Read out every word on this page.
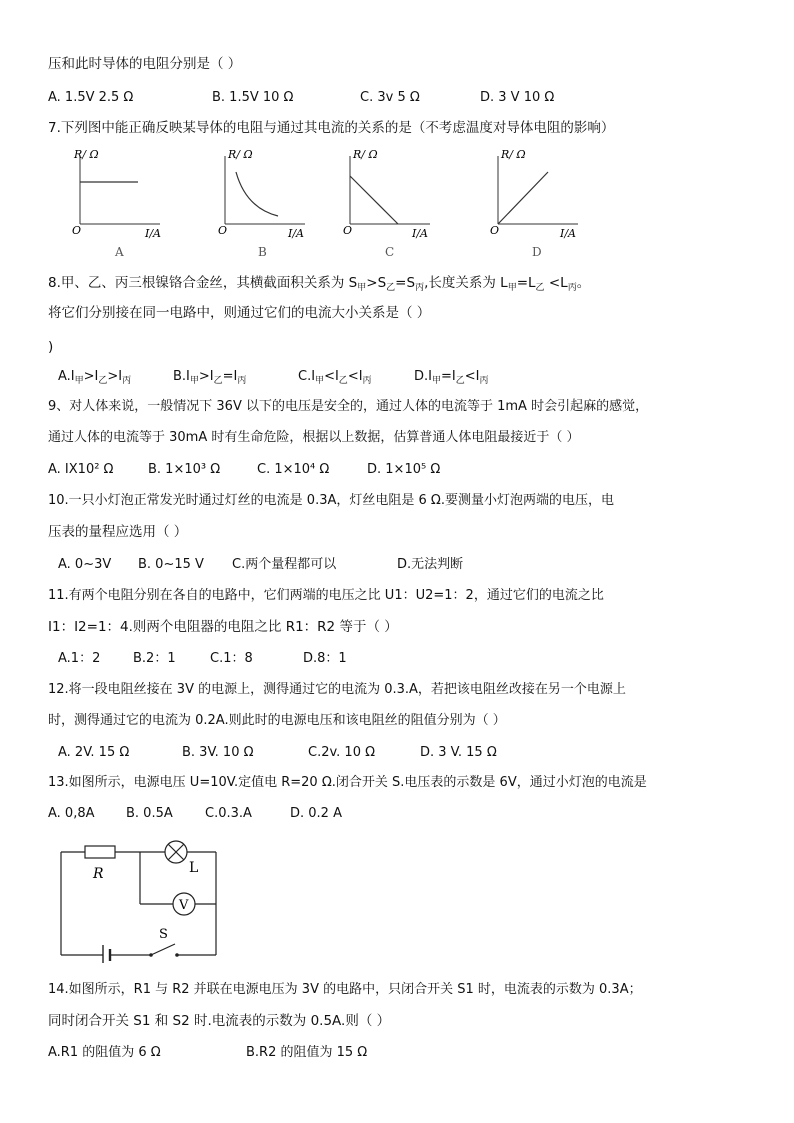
压和此时导体的电阻分别是（ ）
A. 1.5V 2.5 Ω	B. 1.5V 10 Ω	C. 3v 5 Ω	D. 3 V 10 Ω
7.下列图中能正确反映某导体的电阻与通过其电流的关系的是（不考虑温度对导体电阻的影响）
R/ Ω
O	I/A
A
R/ Ω
O	I/A
B
R/ Ω
O	I/A
C
R/ Ω
O	I/A
D
8.甲、乙、丙三根镍铬合金丝，其横截面积关系为 $S_甲>S_乙=S_丙$,长度关系为 $L_甲=L_乙 <L_丙$。
将它们分别接在同一电路中，则通过它们的电流大小关系是（ ）
)
$A.I_甲>I_乙>I_丙$	$B.I_甲>I_乙=I_丙$	$C.I_甲<I_乙<I_丙$	$D.I_甲=I_乙<I_丙$
9、对人体来说，一般情况下 36V 以下的电压是安全的，通过人体的电流等于 1mA 时会引起麻的感觉，
通过人体的电流等于 30mA 时有生命危险，根据以上数据，估算普通人体电阻最接近于（ ）
A. IX10² Ω	B. 1×10³ Ω	C. 1×10⁴ Ω	D. 1×10⁵ Ω
10.一只小灯泡正常发光时通过灯丝的电流是 0.3A，灯丝电阻是 6 Ω.要测量小灯泡两端的电压，电
压表的量程应选用（ ）
A. 0~3V B. 0~15 V C.两个量程都可以	D.无法判断
11.有两个电阻分别在各自的电路中，它们两端的电压之比 U1：U2=1：2，通过它们的电流之比
I1：I2=1：4.则两个电阻器的电阻之比 R1：R2 等于（ ）
A.1：2	B.2：1	C.1：8	D.8：1
12.将一段电阻丝接在 3V 的电源上，测得通过它的电流为 0.3.A，若把该电阻丝改接在另一个电源上
时，测得通过它的电流为 0.2A.则此时的电源电压和该电阻丝的阻值分别为（ ）
A. 2V. 15 Ω	B. 3V. 10 Ω	C.2v. 10 Ω	D. 3 V. 15 Ω
13.如图所示，电源电压 U=10V.定值电 R=20 Ω.闭合开关 S.电压表的示数是 6V，通过小灯泡的电流是
A. 0,8A B. 0.5A C.0.3.A	D. 0.2 A
V
R	L
S
14.如图所示，R1 与 R2 并联在电源电压为 3V 的电路中，只闭合开关 S1 时，电流表的示数为 0.3A；
同时闭合开关 S1 和 S2 时.电流表的示数为 0.5A.则（ ）
A.R1 的阻值为 6 Ω	B.R2 的阻值为 15 Ω
